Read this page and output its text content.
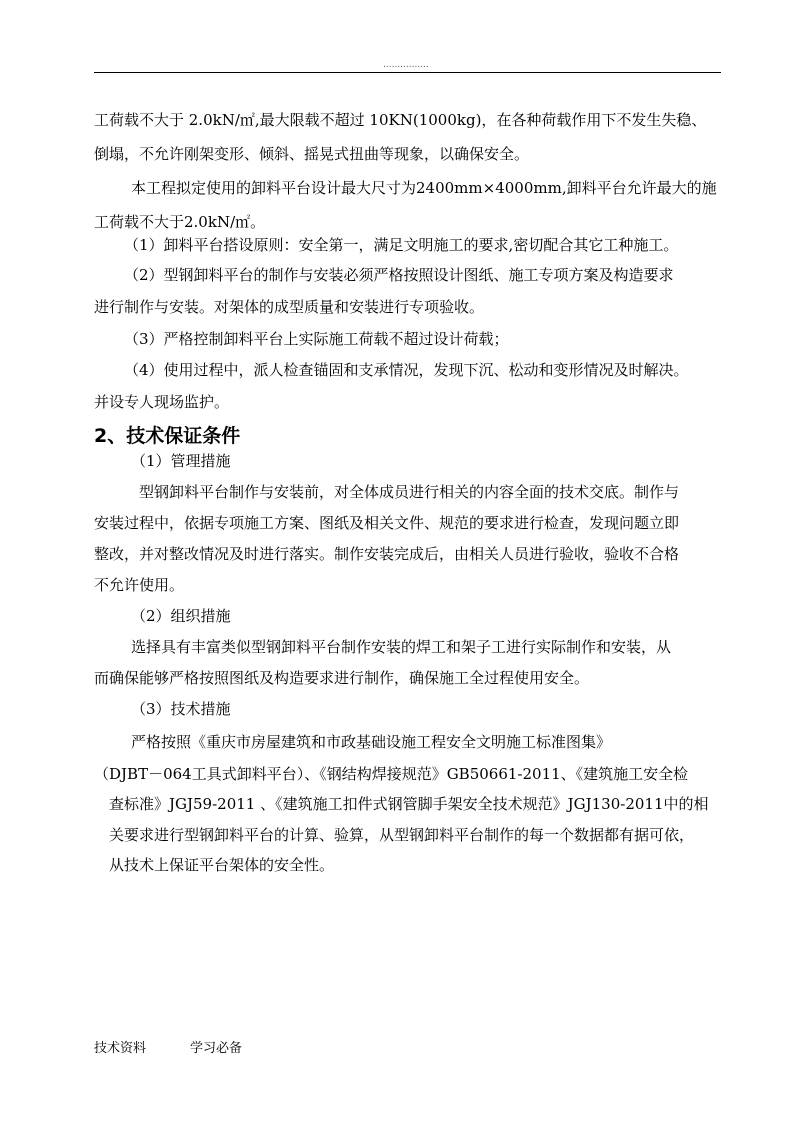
................
工荷载不大于 2.0kN/㎡,最大限载不超过 10KN(1000kg)，在各种荷载作用下不发生失稳、
倒塌，不允许刚架变形、倾斜、摇晃式扭曲等现象，以确保安全。
本工程拟定使用的卸料平台设计最大尺寸为2400mm×4000mm,卸料平台允许最大的施
工荷载不大于2.0kN/㎡。
（1）卸料平台搭设原则：安全第一，满足文明施工的要求,密切配合其它工种施工。
（2）型钢卸料平台的制作与安装必须严格按照设计图纸、施工专项方案及构造要求
进行制作与安装。对架体的成型质量和安装进行专项验收。
（3）严格控制卸料平台上实际施工荷载不超过设计荷载；
（4）使用过程中，派人检查锚固和支承情况，发现下沉、松动和变形情况及时解决。
并设专人现场监护。
2、技术保证条件
（1）管理措施
型钢卸料平台制作与安装前，对全体成员进行相关的内容全面的技术交底。制作与
安装过程中，依据专项施工方案、图纸及相关文件、规范的要求进行检查，发现问题立即
整改，并对整改情况及时进行落实。制作安装完成后，由相关人员进行验收，验收不合格
不允许使用。
（2）组织措施
选择具有丰富类似型钢卸料平台制作安装的焊工和架子工进行实际制作和安装，从
而确保能够严格按照图纸及构造要求进行制作，确保施工全过程使用安全。
（3）技术措施
严格按照《重庆市房屋建筑和市政基础设施工程安全文明施工标准图集》
（DJBT－064工具式卸料平台）、《钢结构焊接规范》GB50661-2011、《建筑施工安全检
查标准》JGJ59-2011 、《建筑施工扣件式钢管脚手架安全技术规范》JGJ130-2011中的相
关要求进行型钢卸料平台的计算、验算，从型钢卸料平台制作的每一个数据都有据可依，
从技术上保证平台架体的安全性。
技术资料	学习必备
